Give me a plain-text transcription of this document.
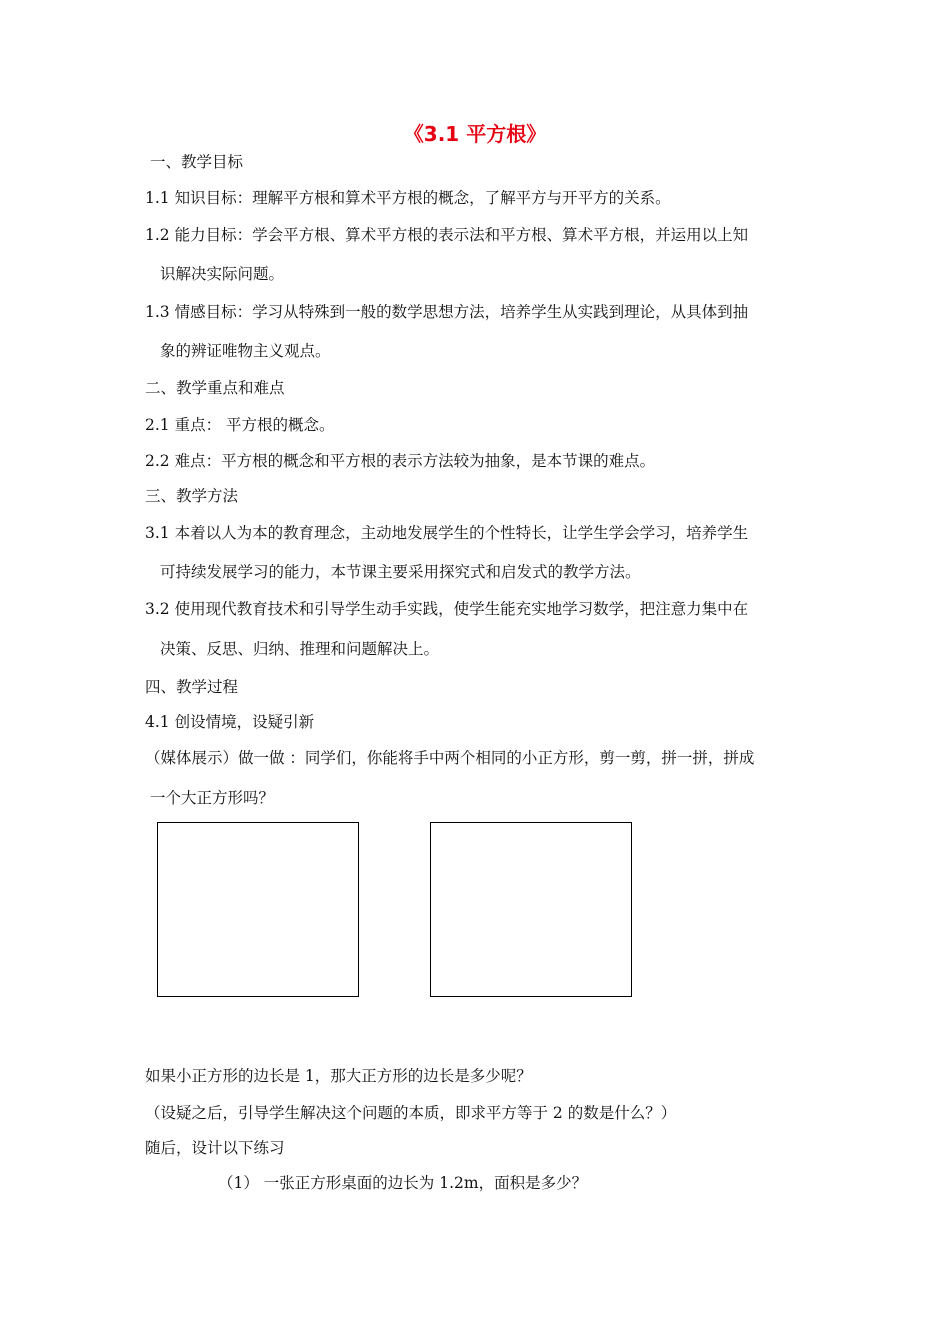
《3.1 平方根》
一、教学目标
1.1 知识目标：理解平方根和算术平方根的概念，了解平方与开平方的关系。
1.2 能力目标：学会平方根、算术平方根的表示法和平方根、算术平方根，并运用以上知
识解决实际问题。
1.3 情感目标：学习从特殊到一般的数学思想方法，培养学生从实践到理论，从具体到抽
象的辨证唯物主义观点。
二、教学重点和难点
2.1 重点： 平方根的概念。
2.2 难点：平方根的概念和平方根的表示方法较为抽象，是本节课的难点。
三、教学方法
3.1 本着以人为本的教育理念，主动地发展学生的个性特长，让学生学会学习，培养学生
可持续发展学习的能力，本节课主要采用探究式和启发式的教学方法。
3.2 使用现代教育技术和引导学生动手实践，使学生能充实地学习数学，把注意力集中在
决策、反思、归纳、推理和问题解决上。
四、教学过程
4.1 创设情境，设疑引新
（媒体展示）做一做 ：同学们，你能将手中两个相同的小正方形，剪一剪，拼一拼，拼成
一个大正方形吗？
如果小正方形的边长是 1，那大正方形的边长是多少呢？
（设疑之后，引导学生解决这个问题的本质，即求平方等于 2 的数是什么？）
随后，设计以下练习
（1） 一张正方形桌面的边长为 1.2m，面积是多少？
